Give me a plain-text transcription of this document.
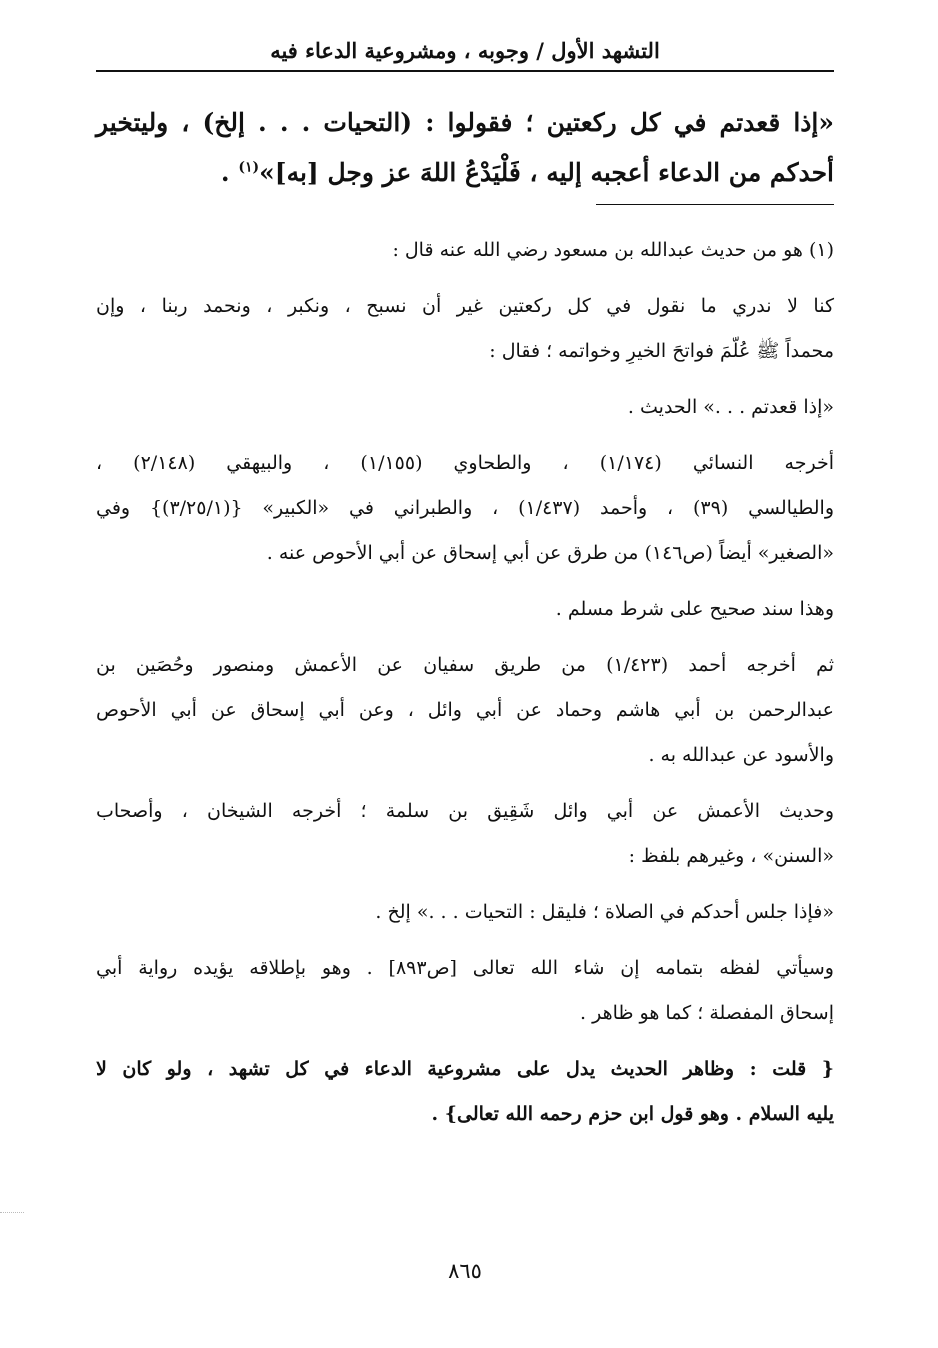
التشهد الأول / وجوبه ، ومشروعية الدعاء فيه

«إذا قعدتم في كل ركعتين ؛ فقولوا : (التحيات . . . إلخ) ، وليتخير

أحدكم من الدعاء أعجبه إليه ، فَلْيَدْعُ اللهَ عز وجل [به]»$^{(١)}$ .

(١) هو من حديث عبدالله بن مسعود رضي الله عنه قال :
كنا لا ندري ما نقول في كل ركعتين غير أن نسبح ، ونكبر ، ونحمد ربنا ، وإن
محمداً ﷺ عُلّمَ فواتحَ الخيرِ وخواتمه ؛ فقال :
«إذا قعدتم . . .» الحديث .
أخرجه النسائي (١/١٧٤) ، والطحاوي (١/١٥٥) ، والبيهقي (٢/١٤٨) ،
والطيالسي (٣٩) ، وأحمد (١/٤٣٧) ، والطبراني في «الكبير» {(٣/٢٥/١)} وفي
«الصغير» أيضاً (ص١٤٦) من طرق عن أبي إسحاق عن أبي الأحوص عنه .
وهذا سند صحيح على شرط مسلم .
ثم أخرجه أحمد (١/٤٢٣) من طريق سفيان عن الأعمش ومنصور وحُصَين بن
عبدالرحمن بن أبي هاشم وحماد عن أبي وائل ، وعن أبي إسحاق عن أبي الأحوص
والأسود عن عبدالله به .
وحديث الأعمش عن أبي وائل شَقِيق بن سلمة ؛ أخرجه الشيخان ، وأصحاب
«السنن» ، وغيرهم بلفظ :
«فإذا جلس أحدكم في الصلاة ؛ فليقل : التحيات . . .» إلخ .
وسيأتي لفظه بتمامه إن شاء الله تعالى [ص٨٩٣] . وهو بإطلاقه يؤيده رواية أبي
إسحاق المفصلة ؛ كما هو ظاهر .
{ قلت : وظاهر الحديث يدل على مشروعية الدعاء في كل تشهد ، ولو كان لا
يليه السلام . وهو قول ابن حزم رحمه الله تعالى} .
٨٦٥
